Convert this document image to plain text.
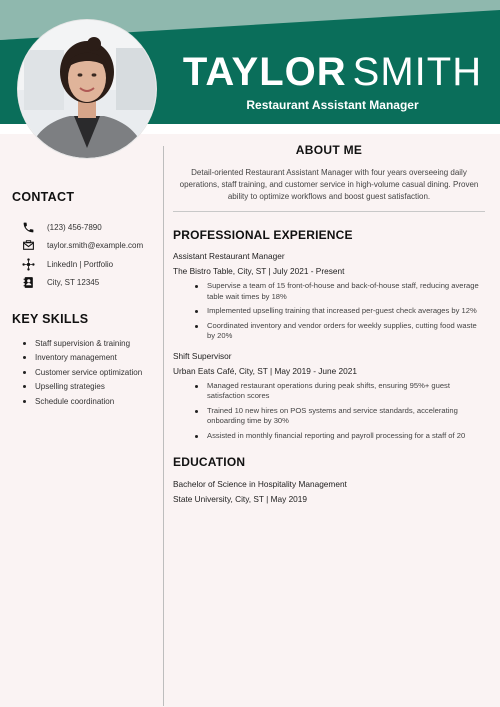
TAYLOR SMITH
Restaurant Assistant Manager
CONTACT
(123) 456-7890
taylor.smith@example.com
LinkedIn | Portfolio
City, ST 12345
KEY SKILLS
Staff supervision & training
Inventory management
Customer service optimization
Upselling strategies
Schedule coordination
ABOUT ME

Detail-oriented Restaurant Assistant Manager with four years overseeing daily operations, staff training, and customer service in high-volume casual dining. Proven ability to optimize workflows and boost guest satisfaction.

PROFESSIONAL EXPERIENCE
Assistant Restaurant Manager
The Bistro Table, City, ST | July 2021 - Present
Supervise a team of 15 front-of-house and back-of-house staff, reducing average table wait times by 18%
Implemented upselling training that increased per-guest check averages by 12%
Coordinated inventory and vendor orders for weekly supplies, cutting food waste by 20%
Shift Supervisor
Urban Eats Café, City, ST | May 2019 - June 2021
Managed restaurant operations during peak shifts, ensuring 95%+ guest satisfaction scores
Trained 10 new hires on POS systems and service standards, accelerating onboarding time by 30%
Assisted in monthly financial reporting and payroll processing for a staff of 20
EDUCATION
Bachelor of Science in Hospitality Management
State University, City, ST | May 2019
